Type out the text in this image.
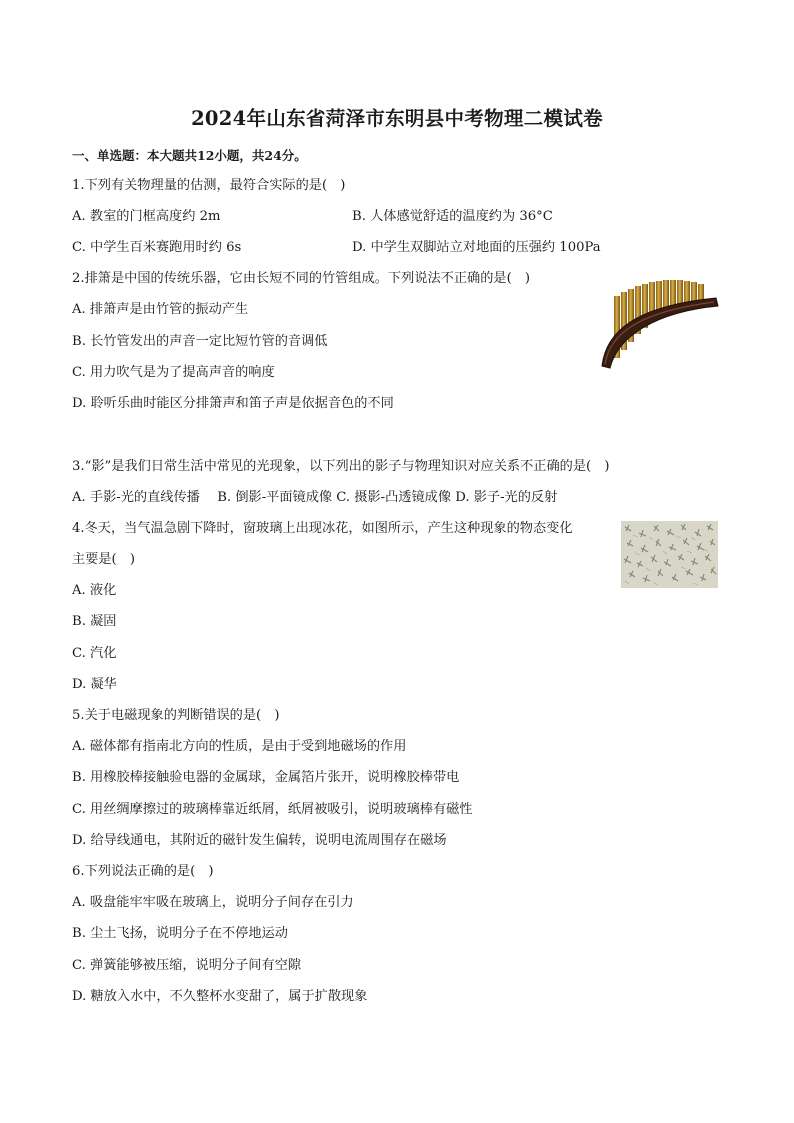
2024年山东省菏泽市东明县中考物理二模试卷
一、单选题：本大题共12小题，共24分。
1.下列有关物理量的估测，最符合实际的是(　)
A. 教室的门框高度约 2m	B. 人体感觉舒适的温度约为 36°C
C. 中学生百米赛跑用时约 6s	D. 中学生双脚站立对地面的压强约 100Pa
2.排箫是中国的传统乐器，它由长短不同的竹管组成。下列说法不正确的是(　)
A. 排箫声是由竹管的振动产生
B. 长竹管发出的声音一定比短竹管的音调低
C. 用力吹气是为了提高声音的响度
D. 聆听乐曲时能区分排箫声和笛子声是依据音色的不同
3.“影”是我们日常生活中常见的光现象，以下列出的影子与物理知识对应关系不正确的是(　)
A. 手影-光的直线传播　 B. 倒影-平面镜成像 C. 摄影-凸透镜成像 D. 影子-光的反射
4.冬天，当气温急剧下降时，窗玻璃上出现冰花，如图所示，产生这种现象的物态变化
主要是(　)
A. 液化
B. 凝固
C. 汽化
D. 凝华
5.关于电磁现象的判断错误的是(　)
A. 磁体都有指南北方向的性质，是由于受到地磁场的作用
B. 用橡胶棒接触验电器的金属球，金属箔片张开，说明橡胶棒带电
C. 用丝绸摩擦过的玻璃棒靠近纸屑，纸屑被吸引，说明玻璃棒有磁性
D. 给导线通电，其附近的磁针发生偏转，说明电流周围存在磁场
6.下列说法正确的是(　)
A. 吸盘能牢牢吸在玻璃上，说明分子间存在引力
B. 尘土飞扬，说明分子在不停地运动
C. 弹簧能够被压缩，说明分子间有空隙
D. 糖放入水中，不久整杯水变甜了，属于扩散现象
